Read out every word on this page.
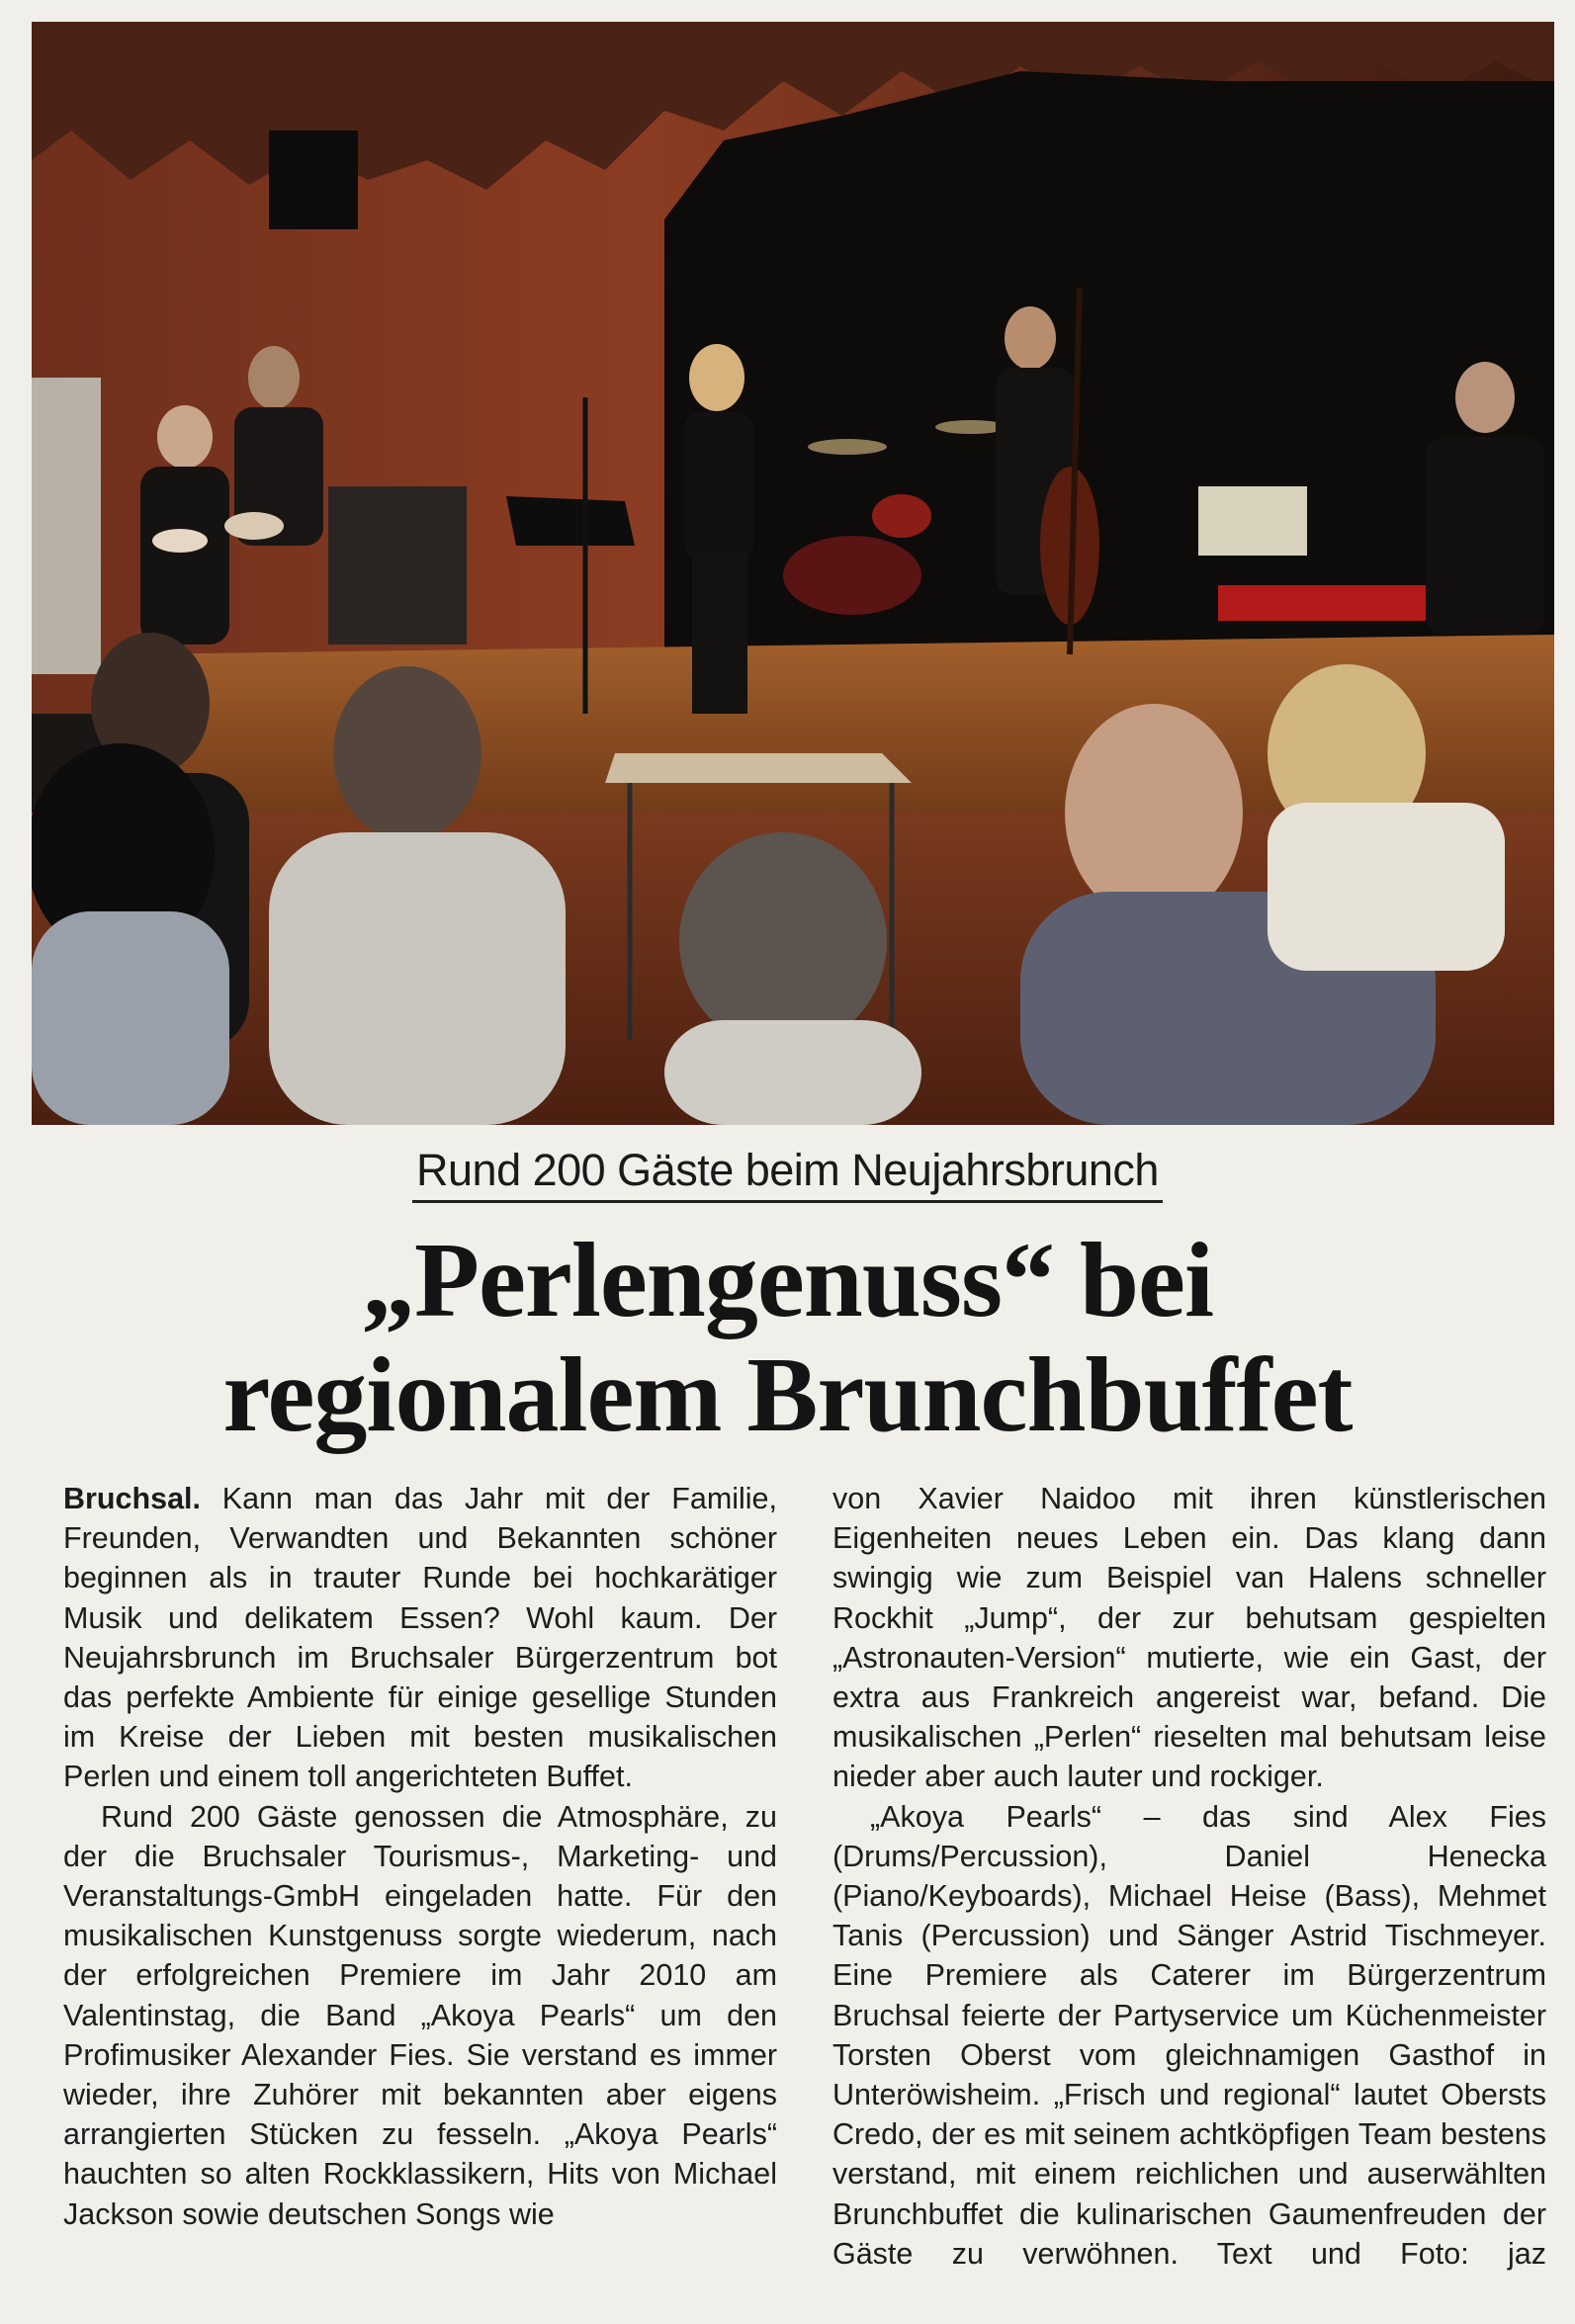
Rund 200 Gäste beim Neujahrsbrunch
„Perlengenuss“ bei
regionalem Brunchbuffet

Bruchsal. Kann man das Jahr mit der Familie, Freunden, Verwandten und Bekannten schöner beginnen als in trauter Runde bei hochkarätiger Musik und delikatem Essen? Wohl kaum. Der Neujahrsbrunch im Bruchsaler Bürgerzentrum bot das perfekte Ambiente für einige gesellige Stunden im Kreise der Lieben mit besten musikalischen Perlen und einem toll angerichteten Buffet.

Rund 200 Gäste genossen die Atmosphäre, zu der die Bruchsaler Tourismus-, Marketing- und Veranstaltungs-GmbH eingeladen hatte. Für den musikalischen Kunstgenuss sorgte wiederum, nach der erfolgreichen Premiere im Jahr 2010 am Valentinstag, die Band „Akoya Pearls“ um den Profimusiker Alexander Fies. Sie verstand es immer wieder, ihre Zuhörer mit bekannten aber eigens arrangierten Stücken zu fesseln. „Akoya Pearls“ hauchten so alten Rockklassikern, Hits von Michael Jackson sowie deutschen Songs wie

von Xavier Naidoo mit ihren künstlerischen Eigenheiten neues Leben ein. Das klang dann swingig wie zum Beispiel van Halens schneller Rockhit „Jump“, der zur behutsam gespielten „Astronauten-Version“ mutierte, wie ein Gast, der extra aus Frankreich angereist war, befand. Die musikalischen „Perlen“ rieselten mal behutsam leise nieder aber auch lauter und rockiger.

„Akoya Pearls“ – das sind Alex Fies (Drums/Percussion), Daniel Henecka (Piano/Keyboards), Michael Heise (Bass), Mehmet Tanis (Percussion) und Sänger Astrid Tischmeyer. Eine Premiere als Caterer im Bürgerzentrum Bruchsal feierte der Partyservice um Küchenmeister Torsten Oberst vom gleichnamigen Gasthof in Unteröwisheim. „Frisch und regional“ lautet Obersts Credo, der es mit seinem achtköpfigen Team bestens verstand, mit einem reichlichen und auserwählten Brunchbuffet die kulinarischen Gaumenfreuden der Gäste zu verwöhnen. Text und Foto: jaz
